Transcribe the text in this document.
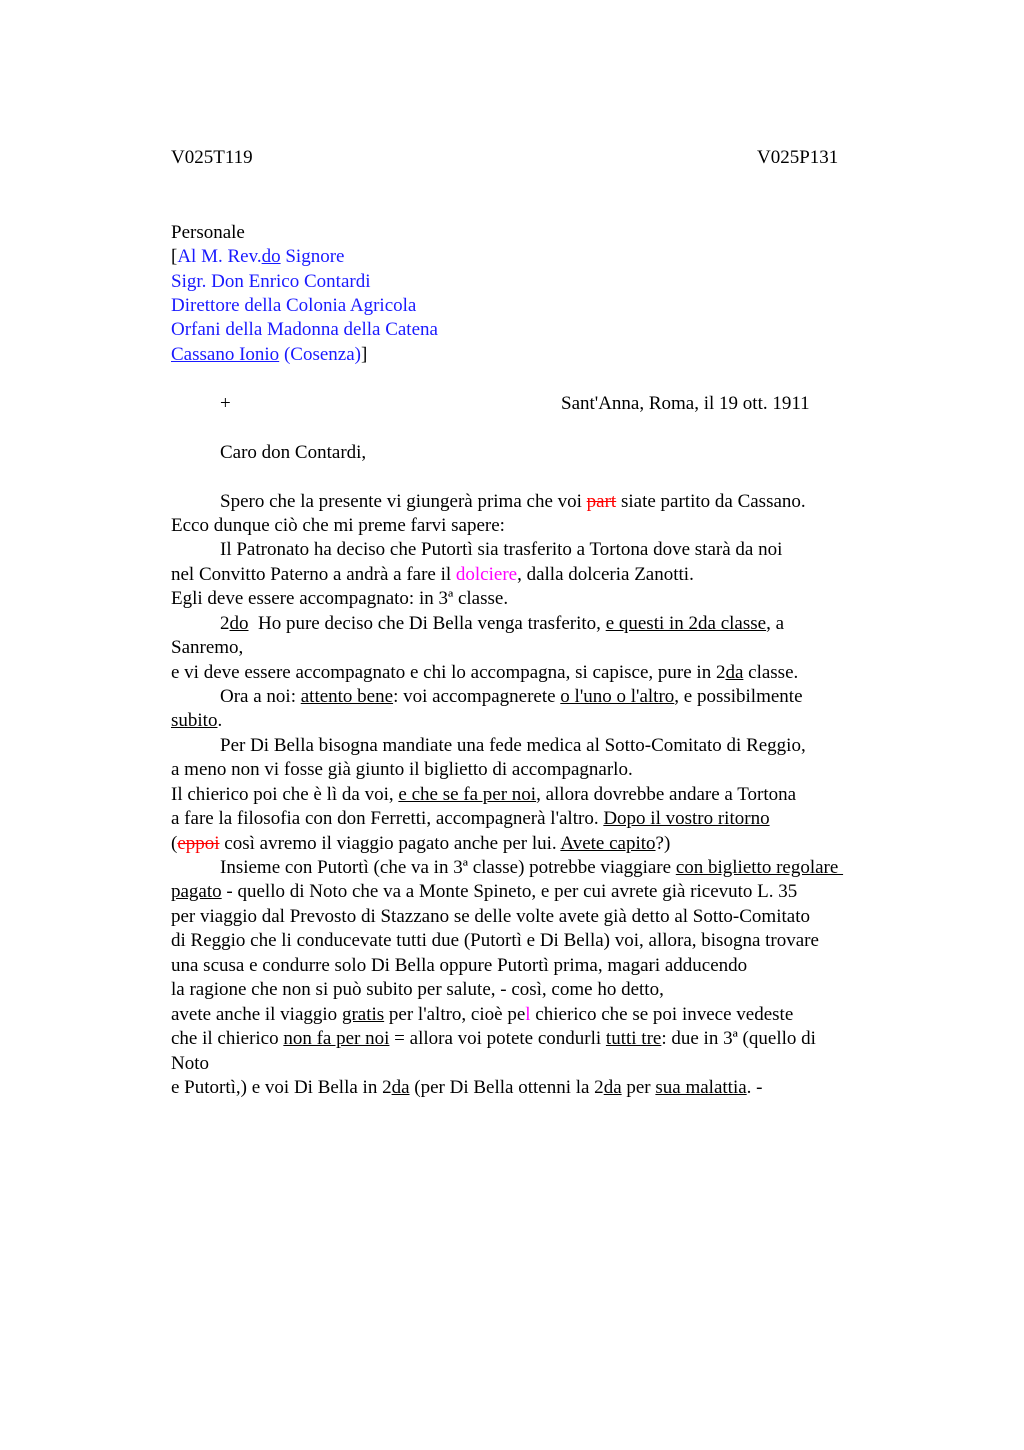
V025T119	V025P131
Personale
[Al M. Rev.do Signore
Sigr. Don Enrico Contardi
Direttore della Colonia Agricola
Orfani della Madonna della Catena
Cassano Ionio (Cosenza)]
+	Sant'Anna, Roma, il 19 ott. 1911
Caro don Contardi,
Spero che la presente vi giungerà prima che voi part siate partito da Cassano.
Ecco dunque ciò che mi preme farvi sapere:
Il Patronato ha deciso che Putortì sia trasferito a Tortona dove starà da noi
nel Convitto Paterno a andrà a fare il dolciere, dalla dolceria Zanotti.
Egli deve essere accompagnato: in 3ª classe.
2do  Ho pure deciso che Di Bella venga trasferito, e questi in 2da classe, a
Sanremo,
e vi deve essere accompagnato e chi lo accompagna, si capisce, pure in 2da classe.
Ora a noi: attento bene: voi accompagnerete o l'uno o l'altro, e possibilmente
subito.
Per Di Bella bisogna mandiate una fede medica al Sotto-Comitato di Reggio,
a meno non vi fosse già giunto il biglietto di accompagnarlo.
Il chierico poi che è lì da voi, e che se fa per noi, allora dovrebbe andare a Tortona
a fare la filosofia con don Ferretti, accompagnerà l'altro. Dopo il vostro ritorno
(eppoi così avremo il viaggio pagato anche per lui. Avete capito?)
Insieme con Putortì (che va in 3ª classe) potrebbe viaggiare con biglietto regolare
pagato - quello di Noto che va a Monte Spineto, e per cui avrete già ricevuto L. 35
per viaggio dal Prevosto di Stazzano se delle volte avete già detto al Sotto-Comitato
di Reggio che li conducevate tutti due (Putortì e Di Bella) voi, allora, bisogna trovare
una scusa e condurre solo Di Bella oppure Putortì prima, magari adducendo
la ragione che non si può subito per salute, - così, come ho detto,
avete anche il viaggio gratis per l'altro, cioè pel chierico che se poi invece vedeste
che il chierico non fa per noi = allora voi potete condurli tutti tre: due in 3ª (quello di
Noto
e Putortì,) e voi Di Bella in 2da (per Di Bella ottenni la 2da per sua malattia. -
